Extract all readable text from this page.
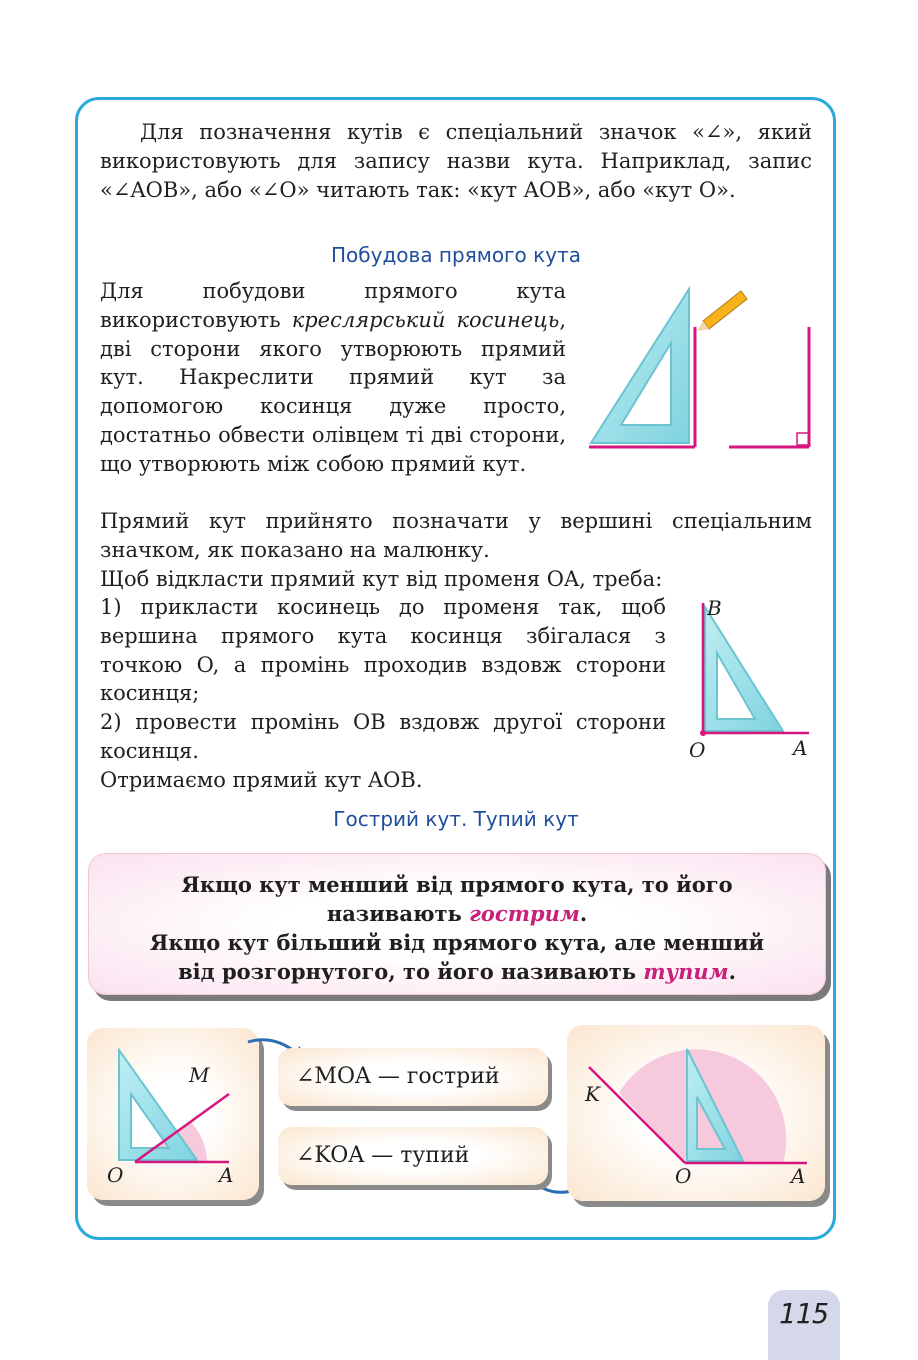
Для позначення кутів є спеціальний значок «∠», який використовують для запису назви кута. Наприклад, запис «∠AOB», або «∠O» читають так: «кут AOB», або «кут O».

Побудова прямого кута

Для побудови прямого кута використовують креслярський косинець, дві сторони якого утворюють прямий кут. Накреслити прямий кут за допомогою косинця дуже просто, достатньо обвести олівцем ті дві сторони, що утворюють між собою прямий кут.

Прямий кут прийнято позначати у вершині спеціальним значком, як показано на малюнку.

Щоб відкласти прямий кут від променя OA, треба:

1) прикласти косинець до променя так, щоб вершина прямого кута косинця збігалася з точкою O, а промінь проходив вздовж сторони косинця;

2) провести промінь OB вздовж другої сторони косинця.

Отримаємо прямий кут AOB.

B
O	A
Гострий кут. Тупий кут
Якщо кут менший від прямого кута, то його називають гострим.
Якщо кут більший від прямого кута, але менший від розгорнутого, то його називають тупим.
M
O	A
∠MOA — гострий
∠KOA — тупий
K
O	A
115
